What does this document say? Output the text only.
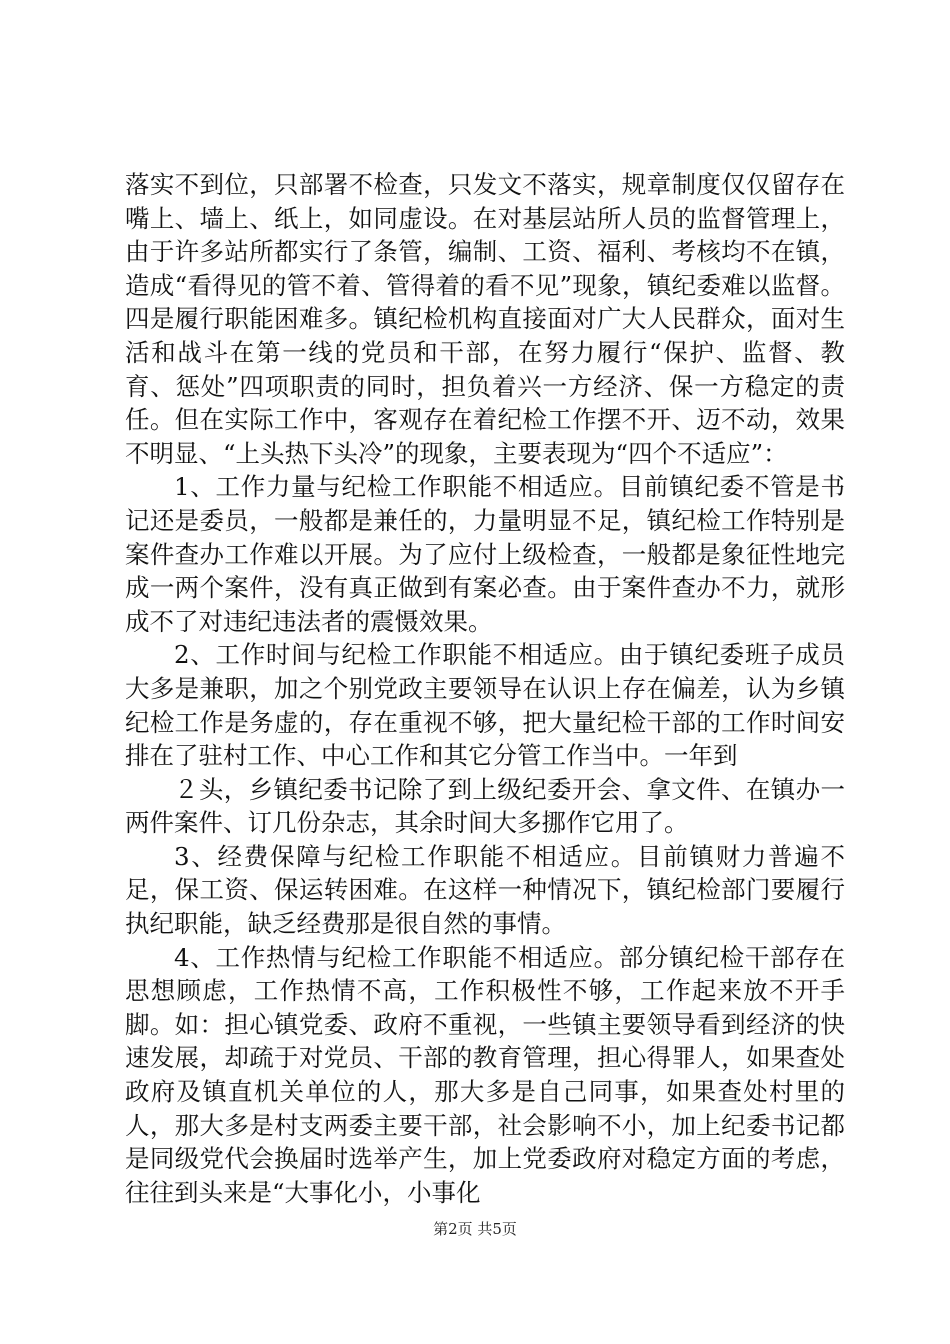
落实不到位，只部署不检查，只发文不落实，规章制度仅仅留存在嘴上、墙上、纸上，如同虚设。在对基层站所人员的监督管理上，由于许多站所都实行了条管，编制、工资、福利、考核均不在镇，造成“看得见的管不着、管得着的看不见”现象，镇纪委难以监督。四是履行职能困难多。镇纪检机构直接面对广大人民群众，面对生活和战斗在第一线的党员和干部，在努力履行“保护、监督、教育、惩处”四项职责的同时，担负着兴一方经济、保一方稳定的责任。但在实际工作中，客观存在着纪检工作摆不开、迈不动，效果不明显、“上头热下头冷”的现象，主要表现为“四个不适应”：

1、工作力量与纪检工作职能不相适应。目前镇纪委不管是书记还是委员，一般都是兼任的，力量明显不足，镇纪检工作特别是案件查办工作难以开展。为了应付上级检查，一般都是象征性地完成一两个案件，没有真正做到有案必查。由于案件查办不力，就形成不了对违纪违法者的震慑效果。

2、工作时间与纪检工作职能不相适应。由于镇纪委班子成员大多是兼职，加之个别党政主要领导在认识上存在偏差，认为乡镇纪检工作是务虚的，存在重视不够，把大量纪检干部的工作时间安排在了驻村工作、中心工作和其它分管工作当中。一年到

２头，乡镇纪委书记除了到上级纪委开会、拿文件、在镇办一两件案件、订几份杂志，其余时间大多挪作它用了。

3、经费保障与纪检工作职能不相适应。目前镇财力普遍不足，保工资、保运转困难。在这样一种情况下，镇纪检部门要履行执纪职能，缺乏经费那是很自然的事情。

4、工作热情与纪检工作职能不相适应。部分镇纪检干部存在思想顾虑，工作热情不高，工作积极性不够，工作起来放不开手脚。如：担心镇党委、政府不重视，一些镇主要领导看到经济的快速发展，却疏于对党员、干部的教育管理，担心得罪人，如果查处政府及镇直机关单位的人，那大多是自己同事，如果查处村里的人，那大多是村支两委主要干部，社会影响不小，加上纪委书记都是同级党代会换届时选举产生，加上党委政府对稳定方面的考虑，往往到头来是“大事化小，小事化

第2页 共5页
